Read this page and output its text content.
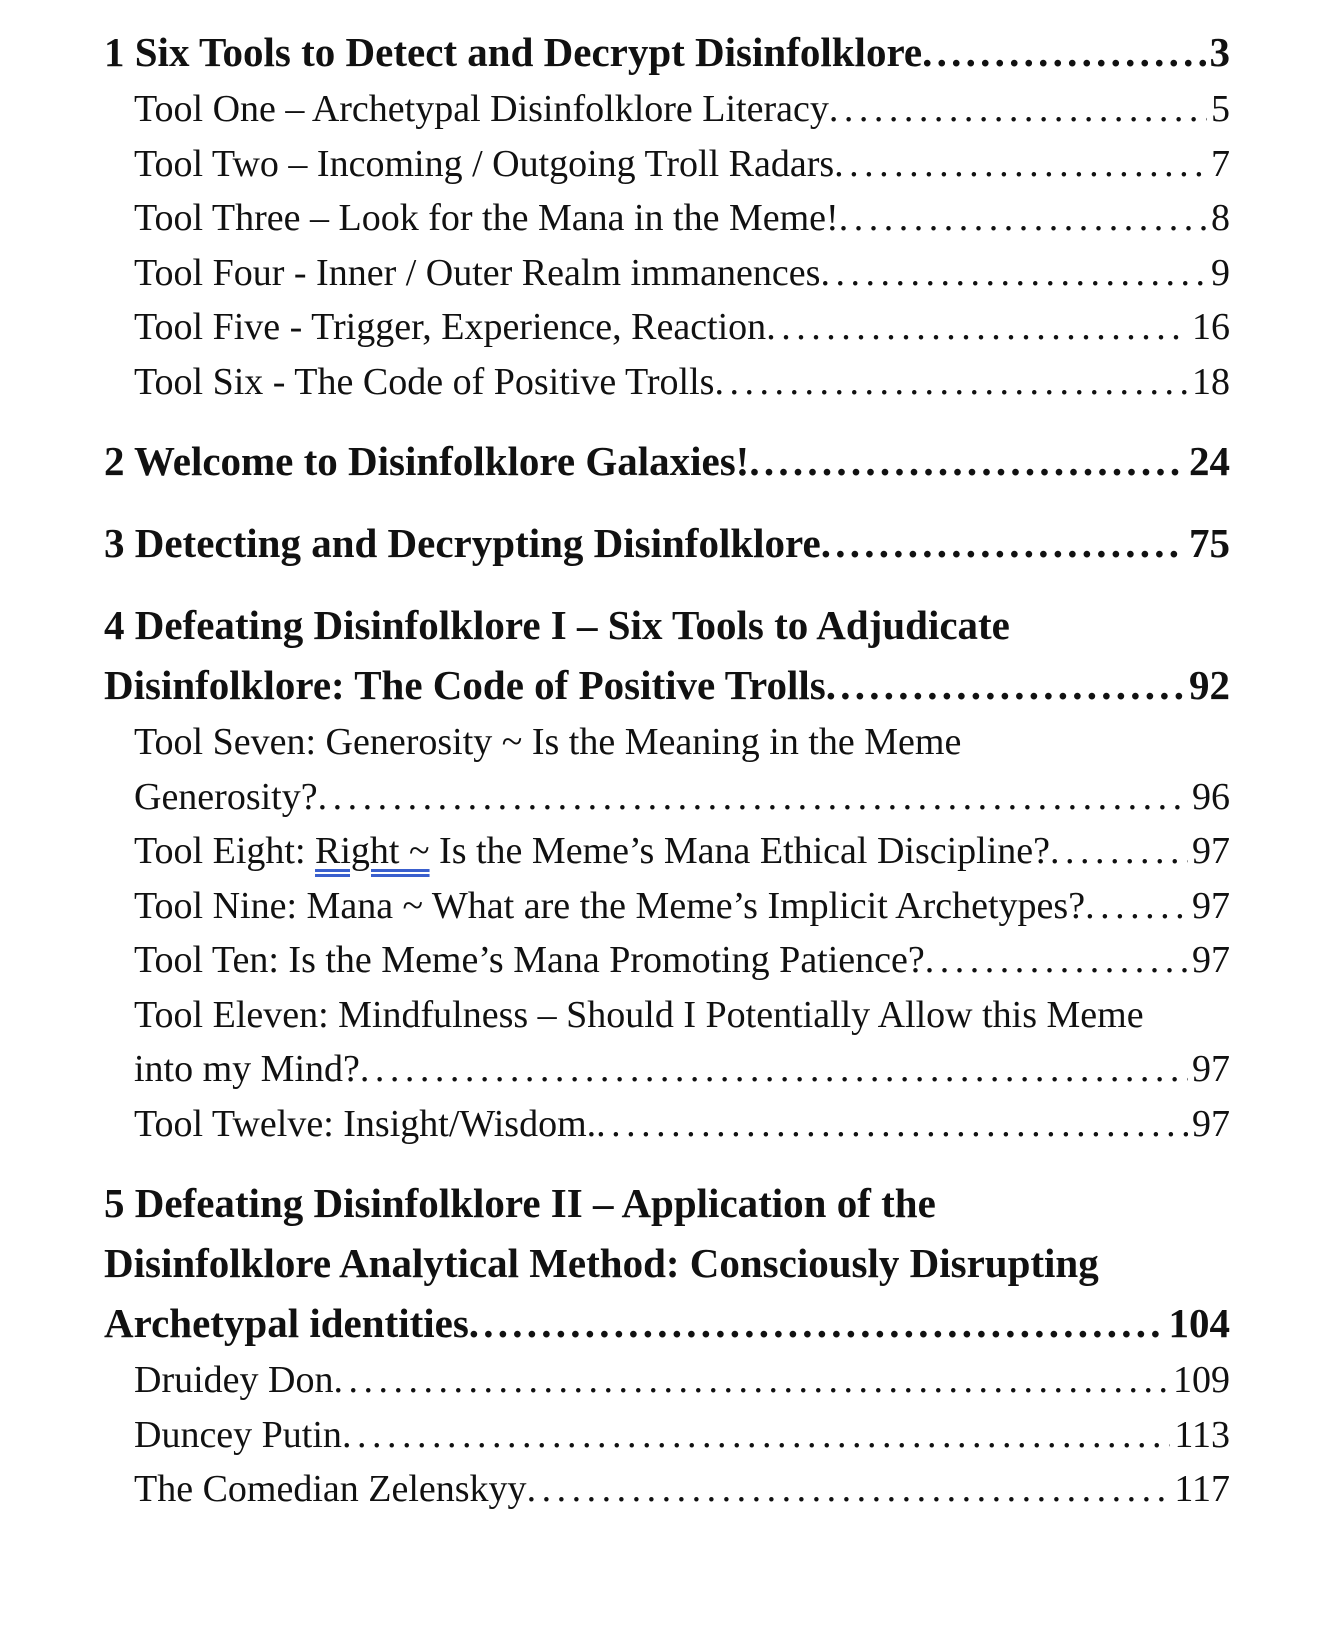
1 Six Tools to Detect and Decrypt Disinfolklore . . .	3
Tool One – Archetypal Disinfolklore Literacy . . .	5
Tool Two – Incoming / Outgoing Troll Radars . . .	7
Tool Three – Look for the Mana in the Meme! . . .	8
Tool Four - Inner / Outer Realm immanences . . .	9
Tool Five - Trigger, Experience, Reaction . . .	16
Tool Six - The Code of Positive Trolls . . .	18
2 Welcome to Disinfolklore Galaxies! . . .	24
3 Detecting and Decrypting Disinfolklore . . .	75
4 Defeating Disinfolklore I – Six Tools to Adjudicate
Disinfolklore: The Code of Positive Trolls . . .	92
Tool Seven: Generosity ~ Is the Meaning in the Meme
Generosity? . . .	96
Tool Eight: Right ~ Is the Meme’s Mana Ethical Discipline? . . .	97
Tool Nine: Mana ~ What are the Meme’s Implicit Archetypes? . . .	97
Tool Ten: Is the Meme’s Mana Promoting Patience? . . .	97
Tool Eleven: Mindfulness – Should I Potentially Allow this Meme
into my Mind? . . .	97
Tool Twelve: Insight/Wisdom. . . .	97
5 Defeating Disinfolklore II – Application of the
Disinfolklore Analytical Method: Consciously Disrupting
Archetypal identities . . .	104
Druidey Don . . .	109
Duncey Putin . . .	113
The Comedian Zelenskyy . . .	117
